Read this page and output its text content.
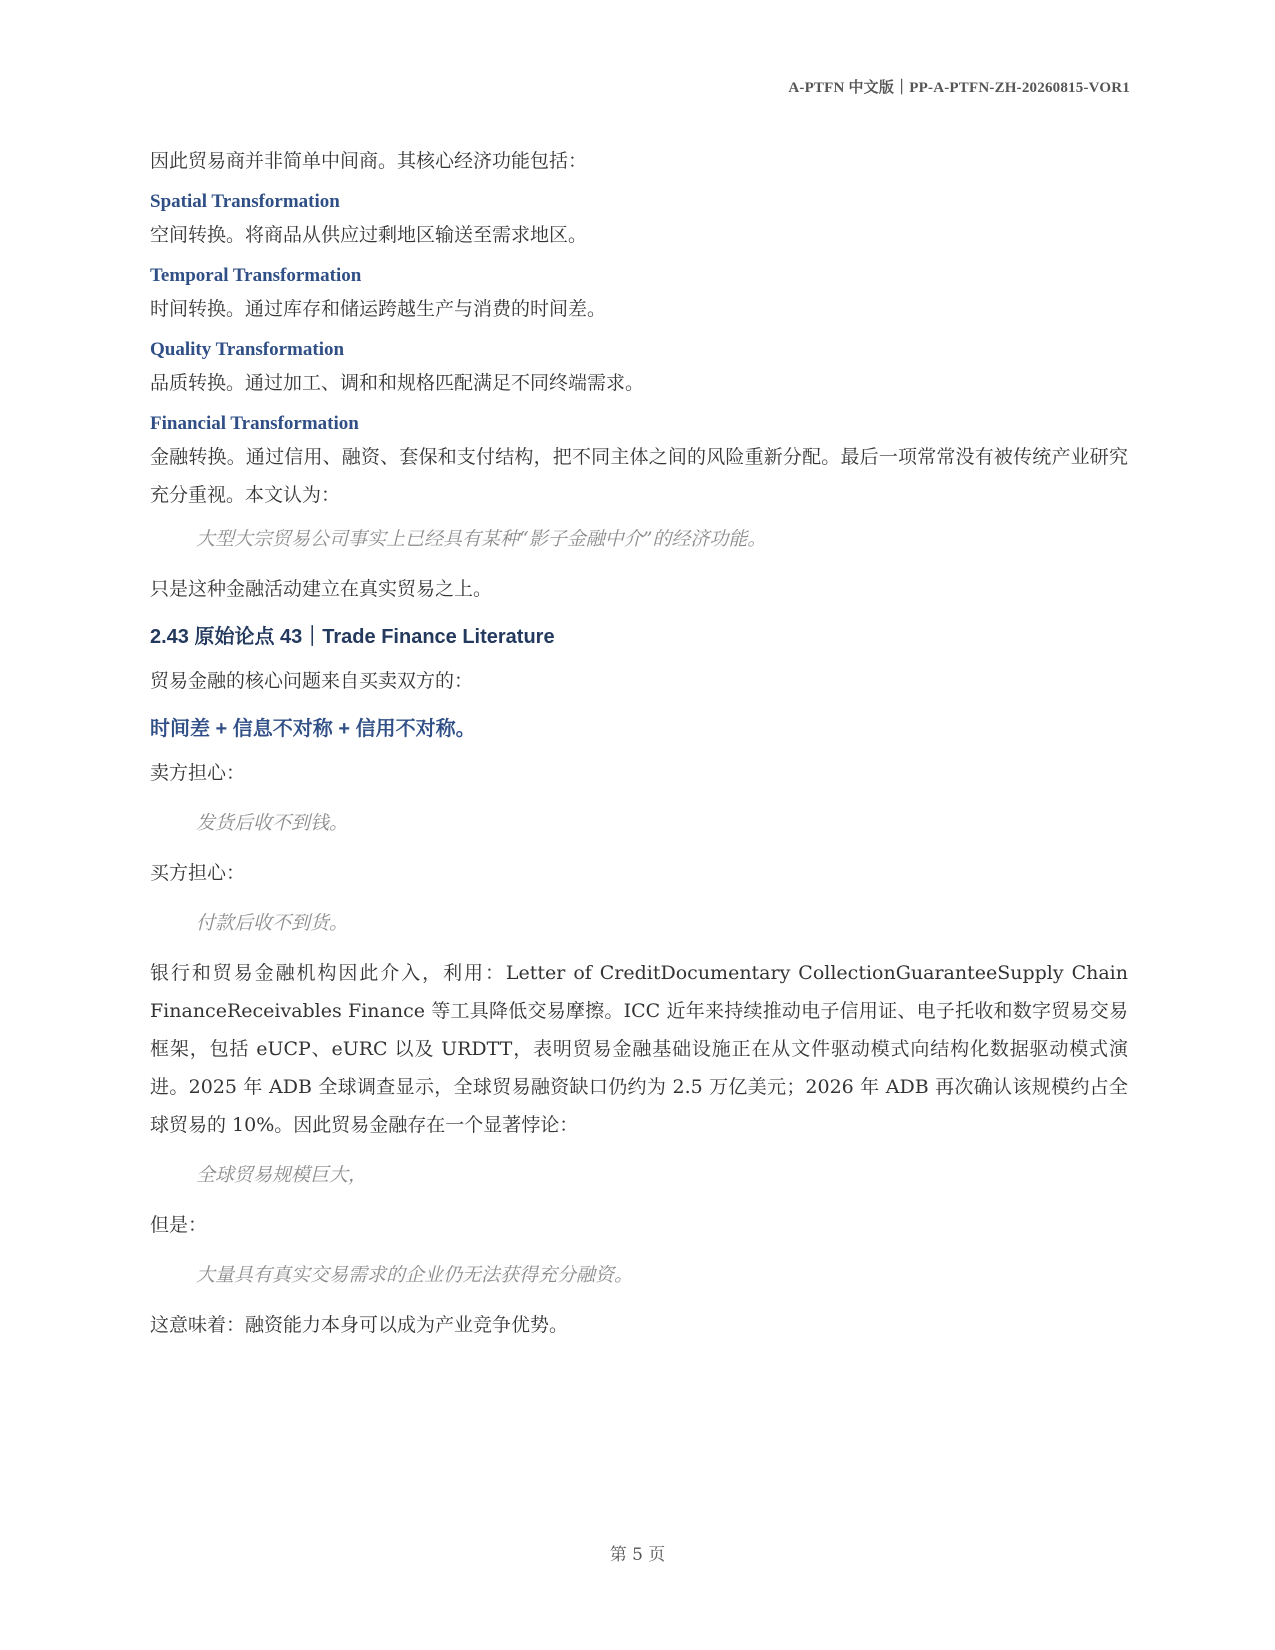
A-PTFN 中文版｜PP-A-PTFN-ZH-20260815-VOR1

因此贸易商并非简单中间商。其核心经济功能包括：

Spatial Transformation

空间转换。将商品从供应过剩地区输送至需求地区。

Temporal Transformation

时间转换。通过库存和储运跨越生产与消费的时间差。

Quality Transformation

品质转换。通过加工、调和和规格匹配满足不同终端需求。

Financial Transformation

金融转换。通过信用、融资、套保和支付结构，把不同主体之间的风险重新分配。最后一项常常没有被传统产业研究充分重视。本文认为：

大型大宗贸易公司事实上已经具有某种“影子金融中介”的经济功能。

只是这种金融活动建立在真实贸易之上。

2.43 原始论点 43｜Trade Finance Literature

贸易金融的核心问题来自买卖双方的：

时间差 + 信息不对称 + 信用不对称。

卖方担心：

发货后收不到钱。

买方担心：

付款后收不到货。

银行和贸易金融机构因此介入，利用：Letter of CreditDocumentary CollectionGuaranteeSupply Chain FinanceReceivables Finance 等工具降低交易摩擦。ICC 近年来持续推动电子信用证、电子托收和数字贸易交易框架，包括 eUCP、eURC 以及 URDTT，表明贸易金融基础设施正在从文件驱动模式向结构化数据驱动模式演进。2025 年 ADB 全球调查显示，全球贸易融资缺口仍约为 2.5 万亿美元；2026 年 ADB 再次确认该规模约占全球贸易的 10%。因此贸易金融存在一个显著悖论：

全球贸易规模巨大，

但是：

大量具有真实交易需求的企业仍无法获得充分融资。

这意味着：融资能力本身可以成为产业竞争优势。

第 5 页
